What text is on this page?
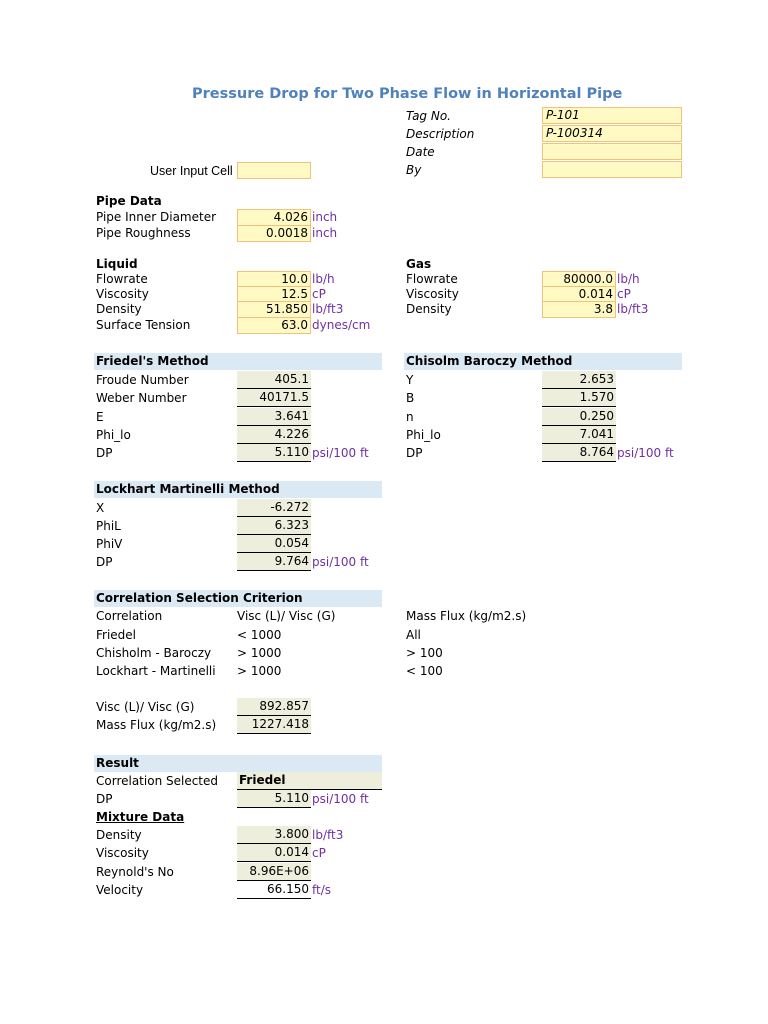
Pressure Drop for Two Phase Flow in Horizontal Pipe
Tag No.	P-101
Description	P-100314
Date
By
User Input Cell
Pipe Data
Pipe Inner Diameter	4.026 inch
Pipe Roughness	0.0018 inch
Liquid
Flowrate	10.0 lb/h
Viscosity	12.5 cP
Density	51.850 lb/ft3
Surface Tension	63.0 dynes/cm
Gas
Flowrate	80000.0 lb/h
Viscosity	0.014 cP
Density	3.8 lb/ft3
Friedel's Method	Chisolm Baroczy Method
Froude Number	405.1
Weber Number	40171.5
E	3.641
Phi_lo	4.226
DP	5.110 psi/100 ft
Y	2.653
B	1.570
n	0.250
Phi_lo	7.041
DP	8.764 psi/100 ft
Lockhart Martinelli Method
X	-6.272
PhiL	6.323
PhiV	0.054
DP	9.764 psi/100 ft
Correlation Selection Criterion
Correlation	Visc (L)/ Visc (G)	Mass Flux (kg/m2.s)
Friedel	< 1000	All
Chisholm - Baroczy > 1000	> 100
Lockhart - Martinelli > 1000	< 100
Visc (L)/ Visc (G)	892.857
Mass Flux (kg/m2.s)	1227.418
Result
Correlation Selected Friedel
DP	5.110 psi/100 ft
Mixture Data
Density	3.800 lb/ft3
Viscosity	0.014 cP
Reynold's No	8.96E+06
Velocity	66.150 ft/s
